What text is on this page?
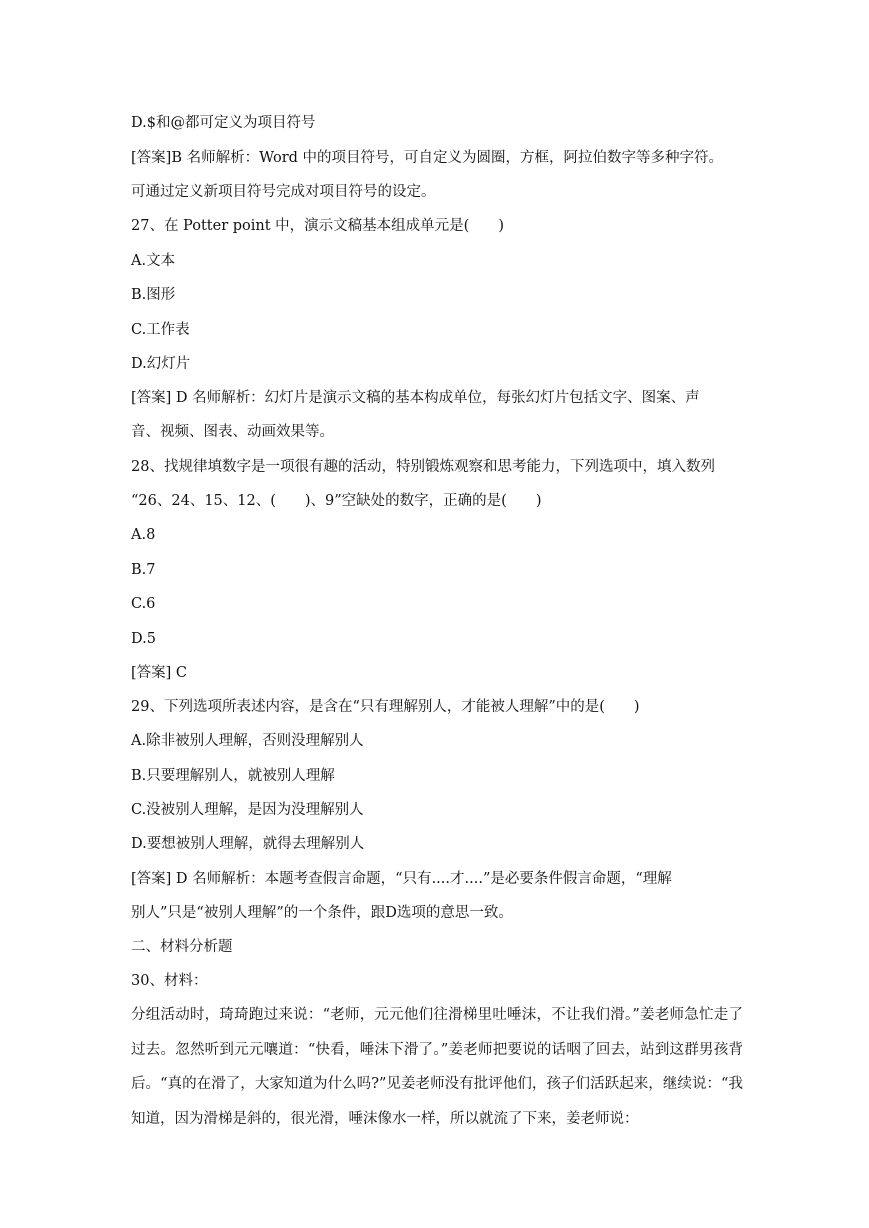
D.$和@都可定义为项目符号
[答案]B 名师解析：Word 中的项目符号，可自定义为圆圈，方框，阿拉伯数字等多种字符。
可通过定义新项目符号完成对项目符号的设定。
27、在 Potter point 中，演示文稿基本组成单元是(　　)
A.文本
B.图形
C.工作表
D.幻灯片
[答案] D 名师解析：幻灯片是演示文稿的基本构成单位，每张幻灯片包括文字、图案、声
音、视频、图表、动画效果等。
28、找规律填数字是一项很有趣的活动，特别锻炼观察和思考能力，下列选项中，填入数列
“26、24、15、12、(　　)、9”空缺处的数字，正确的是(　　)
A.8
B.7
C.6
D.5
[答案] C
29、下列选项所表述内容，是含在“只有理解别人，才能被人理解”中的是(　　)
A.除非被别人理解，否则没理解别人
B.只要理解别人，就被别人理解
C.没被别人理解，是因为没理解别人
D.要想被别人理解，就得去理解别人
[答案] D 名师解析：本题考查假言命题，“只有....才....”是必要条件假言命题，“理解
别人”只是“被别人理解”的一个条件，跟D选项的意思一致。
二、材料分析题
30、材料：
分组活动时，琦琦跑过来说：“老师，元元他们往滑梯里吐唾沫，不让我们滑。”姜老师急忙走了过去。忽然听到元元嚷道：“快看，唾沫下滑了。”姜老师把要说的话咽了回去，站到这群男孩背后。“真的在滑了，大家知道为什么吗?”见姜老师没有批评他们，孩子们活跃起来，继续说：“我知道，因为滑梯是斜的，很光滑，唾沫像水一样，所以就流了下来，姜老师说：
